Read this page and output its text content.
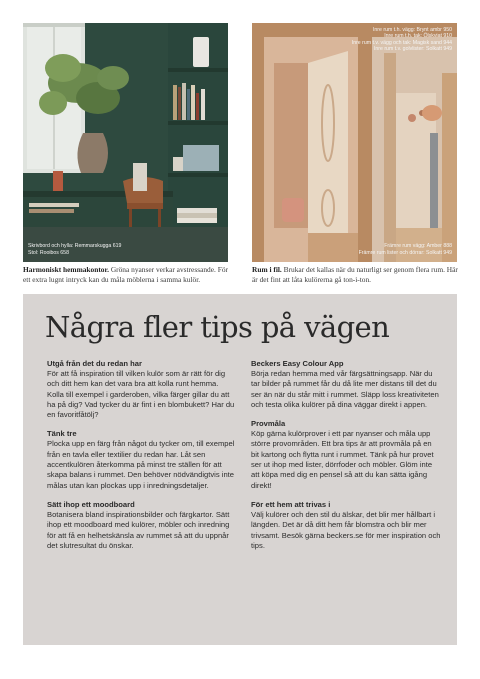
Skrivbord och hylla: Remmarskugga 619
Stol: Rooibos 658
Inre rum t.h. vägg: Brynt ambr 950
Inre rum t.h. tak: Ölskviat 910
Inre rum t.v. vägg och tak: Magisk sand 944
Inre rum t.v. golvlister: Solkatt 949
Främre rum vägg: Amber 888
Främre rum lister och dörrar: Solkatt 949

Harmoniskt hemmakontor. Gröna nyanser verkar avstressande. För ett extra lugnt intryck kan du måla möblerna i samma kulör.

Rum i fil. Brukar det kallas när du naturligt ser genom flera rum. Här är det fint att låta kulörerna gå ton-i-ton.

Några fler tips på vägen
Utgå från det du redan har
För att få inspiration till vilken kulör som är rätt för dig och ditt hem kan det vara bra att kolla runt hemma. Kolla till exempel i garderoben, vilka färger gillar du att ha på dig? Vad tycker du är fint i en blombukett? Har du en favoritfåtölj?
Tänk tre
Plocka upp en färg från något du tycker om, till exempel från en tavla eller textilier du redan har. Låt sen accentkulören återkomma på minst tre ställen för att skapa balans i rummet. Den behöver nödvändigtvis inte målas utan kan plockas upp i inredningsdetaljer.
Sätt ihop ett moodboard
Botanisera bland inspirationsbilder och färgkartor. Sätt ihop ett moodboard med kulörer, möbler och inredning för att få en helhetskänsla av rummet så att du uppnår det slutresultat du önskar.
Beckers Easy Colour App
Börja redan hemma med vår färgsättningsapp. När du tar bilder på rummet får du då lite mer distans till det du ser än när du står mitt i rummet. Släpp loss kreativiteten och testa olika kulörer på dina väggar direkt i appen.
Provmåla
Köp gärna kulörprover i ett par nyanser och måla upp större provområden. Ett bra tips är att provmåla på en bit kartong och flytta runt i rummet. Tänk på hur provet ser ut ihop med lister, dörrfoder och möbler. Glöm inte att köpa med dig en pensel så att du kan sätta igång direkt!
För ett hem att trivas i
Välj kulörer och den stil du älskar, det blir mer hållbart i längden. Det är då ditt hem får blomstra och blir mer trivsamt. Besök gärna beckers.se för mer inspiration och tips.
